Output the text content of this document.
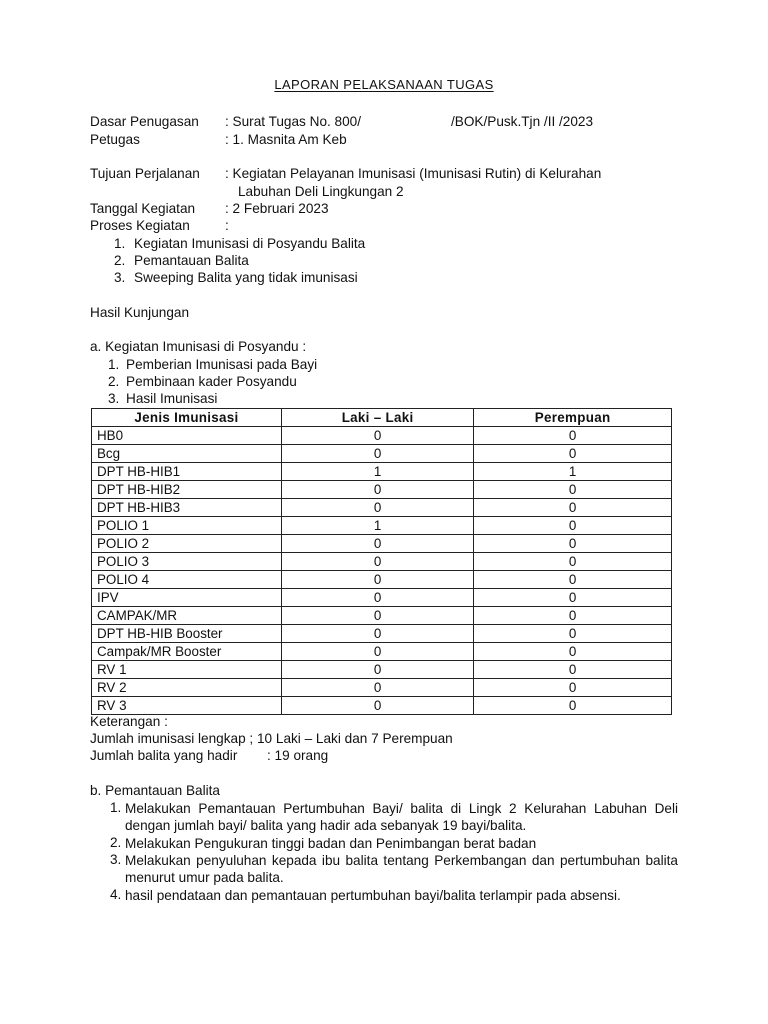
LAPORAN PELAKSANAAN TUGAS
Dasar Penugasan : Surat Tugas No. 800/	/BOK/Pusk.Tjn /II /2023
Petugas	: 1. Masnita Am Keb
Tujuan Perjalanan : Kegiatan Pelayanan Imunisasi (Imunisasi Rutin) di Kelurahan
Labuhan Deli Lingkungan 2
Tanggal Kegiatan : 2 Februari 2023
Proses Kegiatan	:
1. Kegiatan Imunisasi di Posyandu Balita
2. Pemantauan Balita
3. Sweeping Balita yang tidak imunisasi
Hasil Kunjungan
a. Kegiatan Imunisasi di Posyandu :
1. Pemberian Imunisasi pada Bayi
2. Pembinaan kader Posyandu
3. Hasil Imunisasi
Jenis Imunisasi	Laki – Laki	Perempuan
HB0	0	0
Bcg	0	0
DPT HB-HIB1	1	1
DPT HB-HIB2	0	0
DPT HB-HIB3	0	0
POLIO 1	1	0
POLIO 2	0	0
POLIO 3	0	0
POLIO 4	0	0
IPV	0	0
CAMPAK/MR	0	0
DPT HB-HIB Booster	0	0
Campak/MR Booster	0	0
RV 1	0	0
RV 2	0	0
RV 3	0	0
Keterangan :
Jumlah imunisasi lengkap ; 10 Laki – Laki dan 7 Perempuan
Jumlah balita yang hadir : 19 orang
b. Pemantauan Balita
1. Melakukan Pemantauan Pertumbuhan Bayi/ balita di Lingk 2 Kelurahan Labuhan Deli dengan jumlah bayi/ balita yang hadir ada sebanyak 19 bayi/balita.
2. Melakukan Pengukuran tinggi badan dan Penimbangan berat badan
3. Melakukan penyuluhan kepada ibu balita tentang Perkembangan dan pertumbuhan balita menurut umur pada balita.
4. hasil pendataan dan pemantauan pertumbuhan bayi/balita terlampir pada absensi.
